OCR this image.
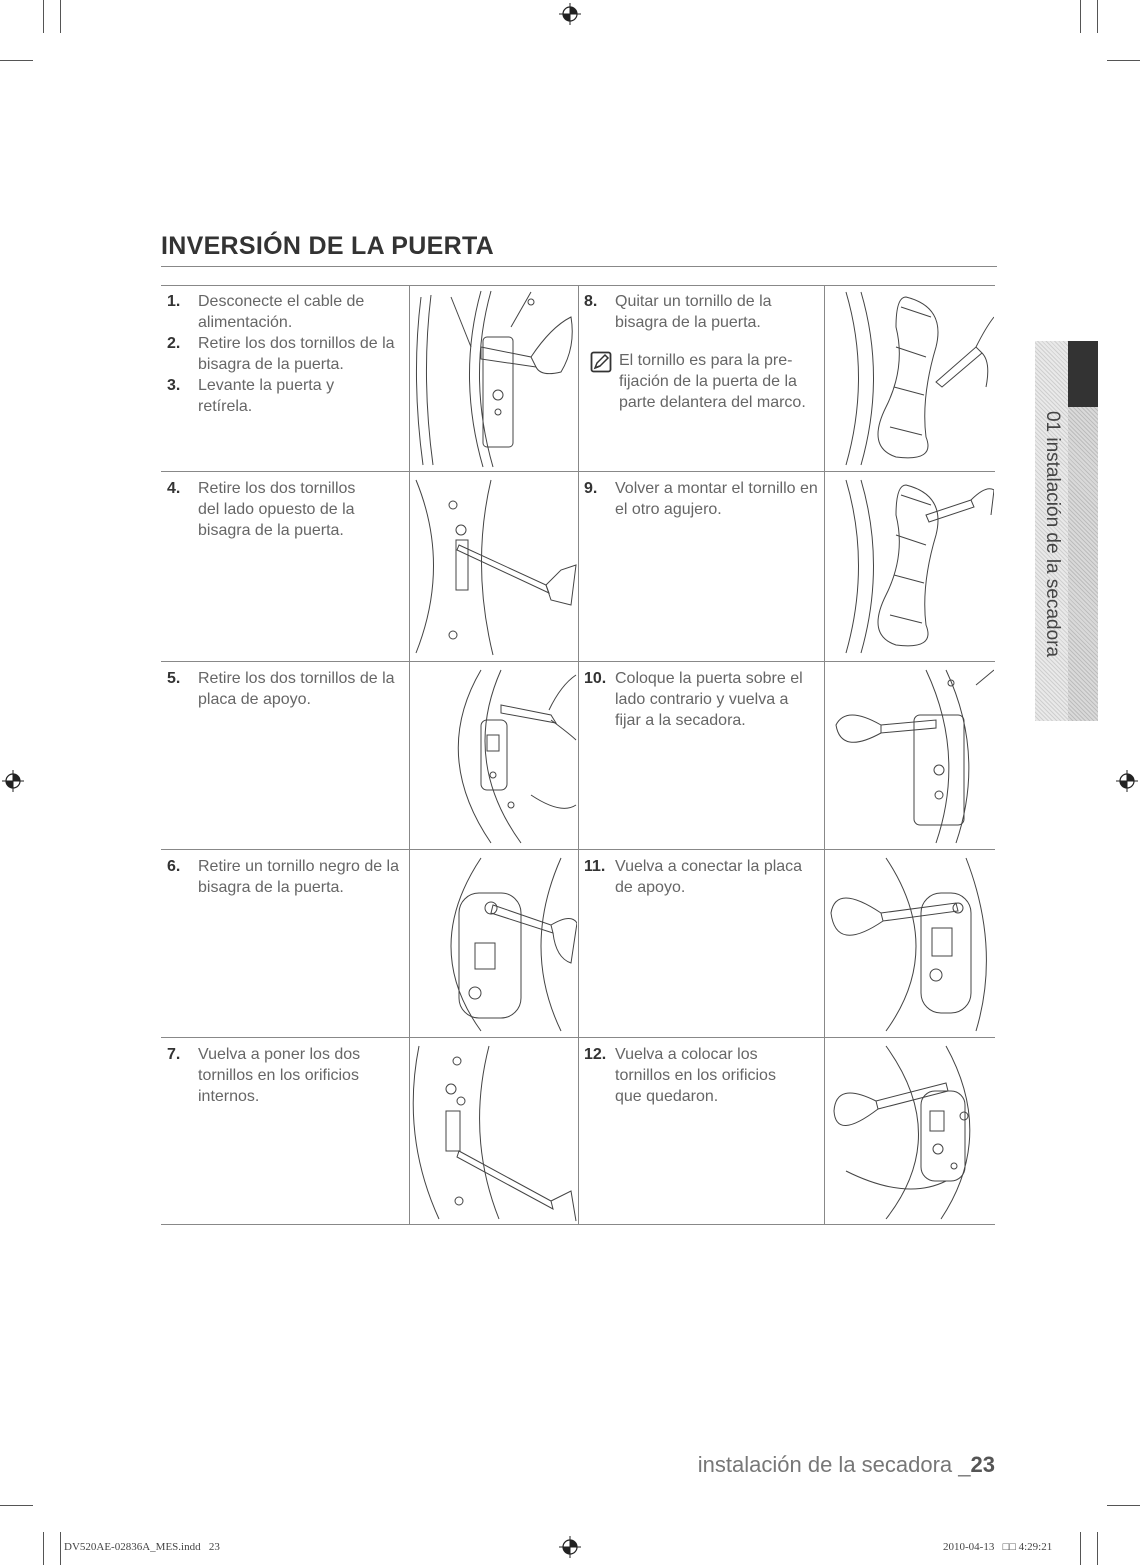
INVERSIÓN DE LA PUERTA
1.	Desconecte el cable de alimentación.
2.	Retire los dos tornillos de la bisagra de la puerta.
3.	Levante la puerta y retírela.
4.	Retire los dos tornillos del lado opuesto de la bisagra de la puerta.
5.	Retire los dos tornillos de la placa de apoyo.
6.	Retire un tornillo negro de la bisagra de la puerta.
7.	Vuelva a poner los dos tornillos en los orificios internos.
8.	Quitar un tornillo de la bisagra de la puerta.
El tornillo es para la pre-fijación de la puerta de la parte delantera del marco.
9.	Volver a montar el tornillo en el otro agujero.
10. Coloque la puerta sobre el lado contrario y vuelva a fijar a la secadora.
11. Vuelva a conectar la placa de apoyo.
12. Vuelva a colocar los tornillos en los orificios que quedaron.
01 instalación de la secadora
instalación de la secadora _23
DV520AE-02836A_MES.indd   23	2010-04-13   □□ 4:29:21
